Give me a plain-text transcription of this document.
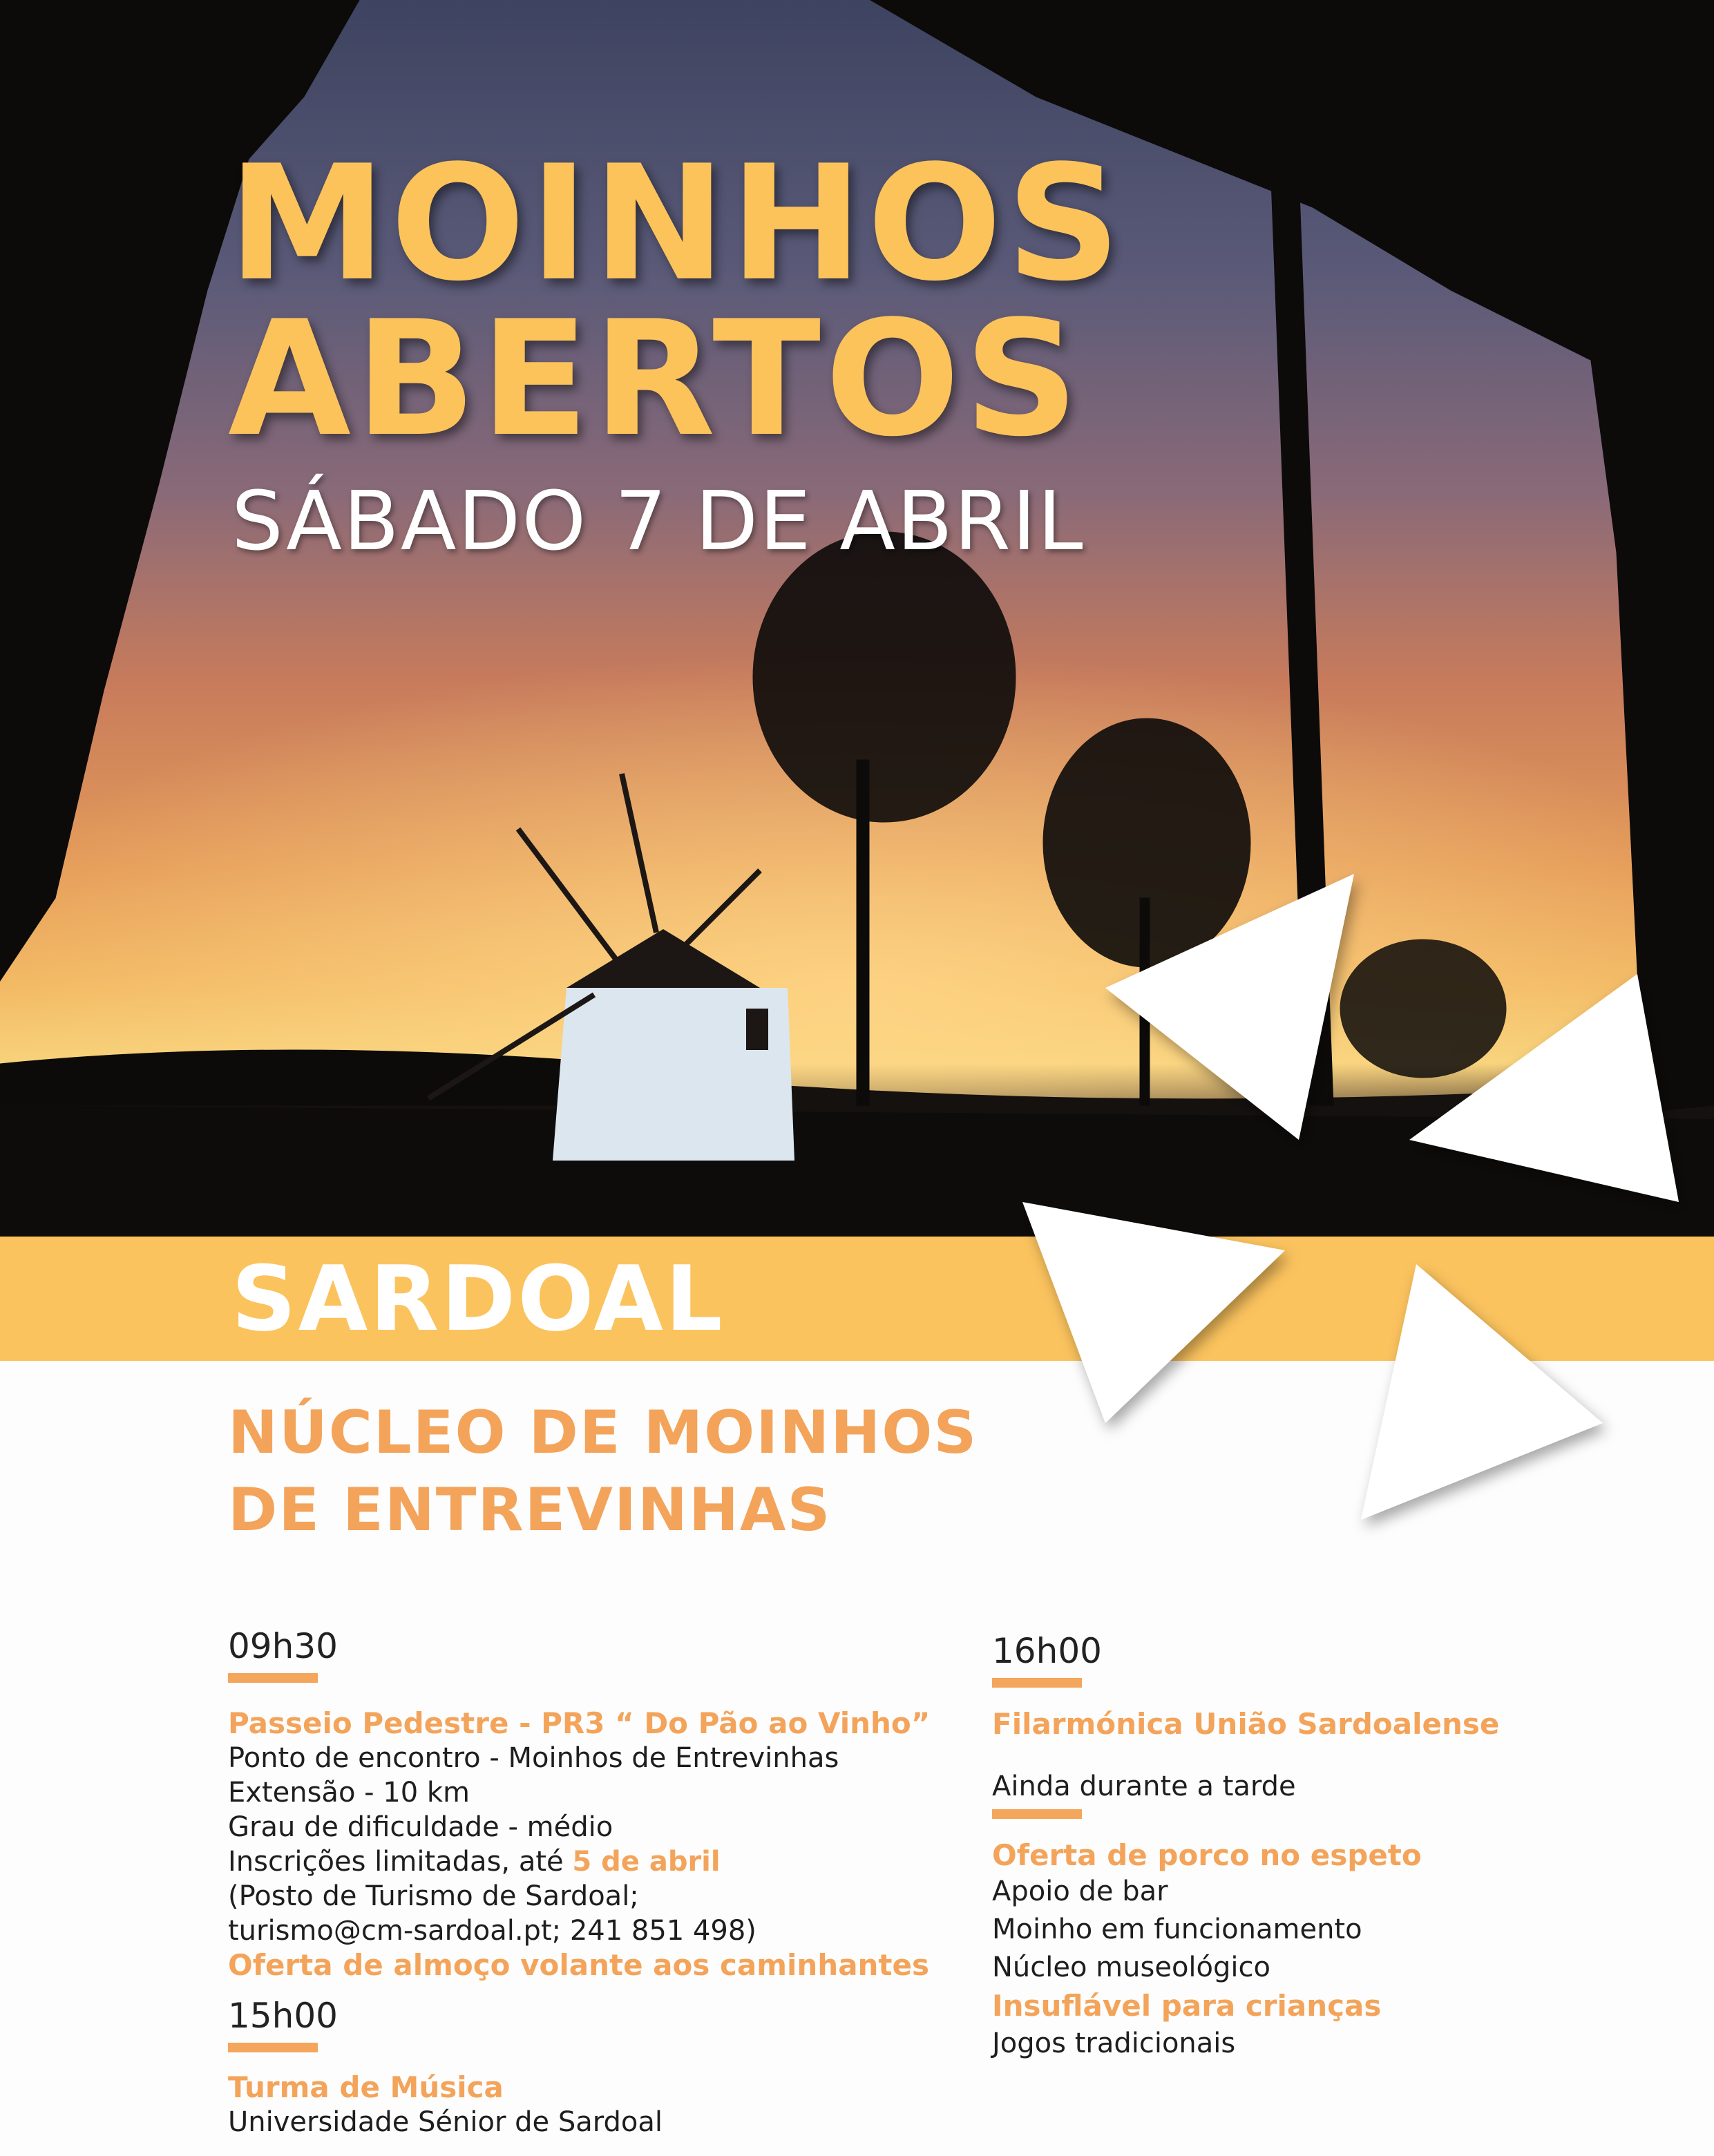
MOINHOS
ABERTOS
SÁBADO 7 DE ABRIL
SARDOAL
NÚCLEO DE MOINHOS
DE ENTREVINHAS
09h30
Passeio Pedestre - PR3 “ Do Pão ao Vinho”
Ponto de encontro - Moinhos de Entrevinhas
Extensão - 10 km
Grau de dificuldade - médio
Inscrições limitadas, até 5 de abril
(Posto de Turismo de Sardoal;
turismo@cm-sardoal.pt; 241 851 498)
Oferta de almoço volante aos caminhantes
15h00
Turma de Música
Universidade Sénior de Sardoal
16h00
Filarmónica União Sardoalense
Ainda durante a tarde
Oferta de porco no espeto
Apoio de bar
Moinho em funcionamento
Núcleo museológico
Insuflável para crianças
Jogos tradicionais
